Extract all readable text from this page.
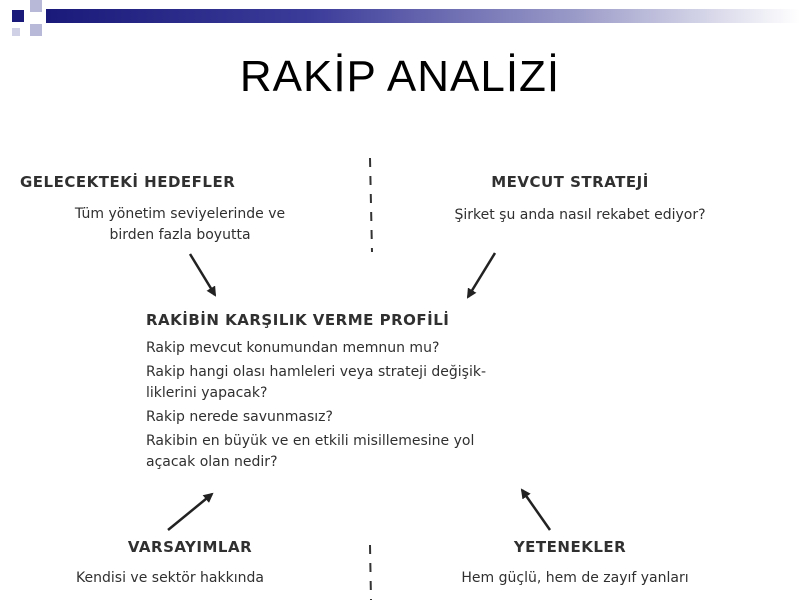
RAKİP ANALİZİ
GELECEKTEKİ HEDEFLER
Tüm yönetim seviyelerinde ve
birden fazla boyutta
MEVCUT STRATEJİ
Şirket şu anda nasıl rekabet ediyor?
RAKİBİN KARŞILIK VERME PROFİLİ
Rakip mevcut konumundan memnun mu?
Rakip hangi olası hamleleri veya strateji değişik-
liklerini yapacak?
Rakip nerede savunmasız?
Rakibin en büyük ve en etkili misillemesine yol
açacak olan nedir?
VARSAYIMLAR
Kendisi ve sektör hakkında
YETENEKLER
Hem güçlü, hem de zayıf yanları
